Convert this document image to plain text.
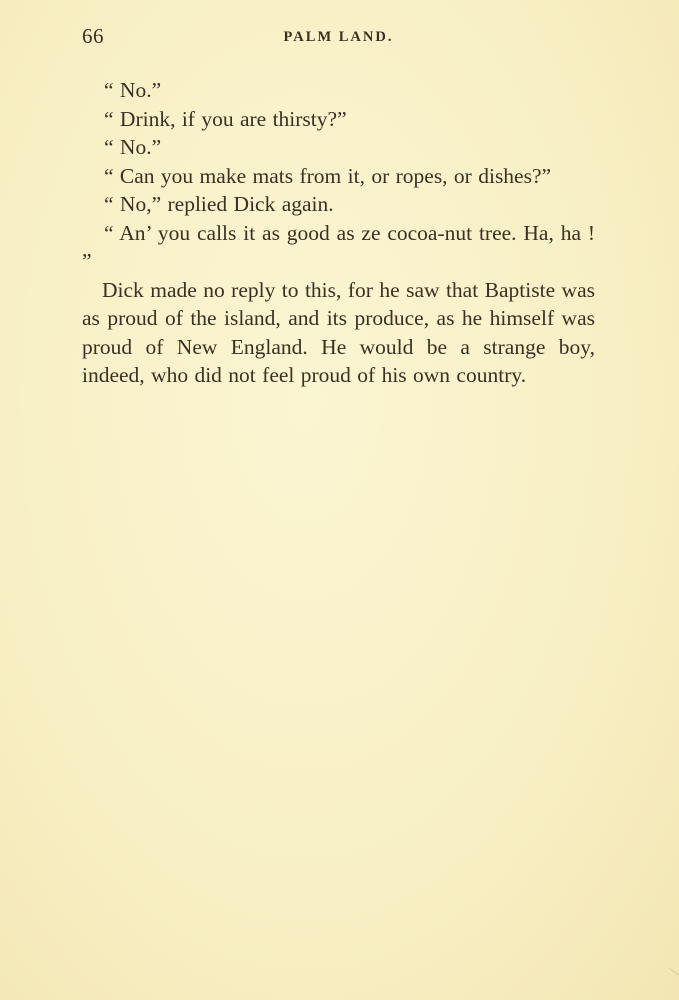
66	PALM LAND.

“ No.”

“ Drink, if you are thirsty?”

“ No.”

“ Can you make mats from it, or ropes, or dishes?”

“ No,” replied Dick again.

“ An’ you calls it as good as ze cocoa-nut tree. Ha, ha ! ”

Dick made no reply to this, for he saw that Baptiste was as proud of the island, and its produce, as he himself was proud of New England. He would be a strange boy, indeed, who did not feel proud of his own country.
